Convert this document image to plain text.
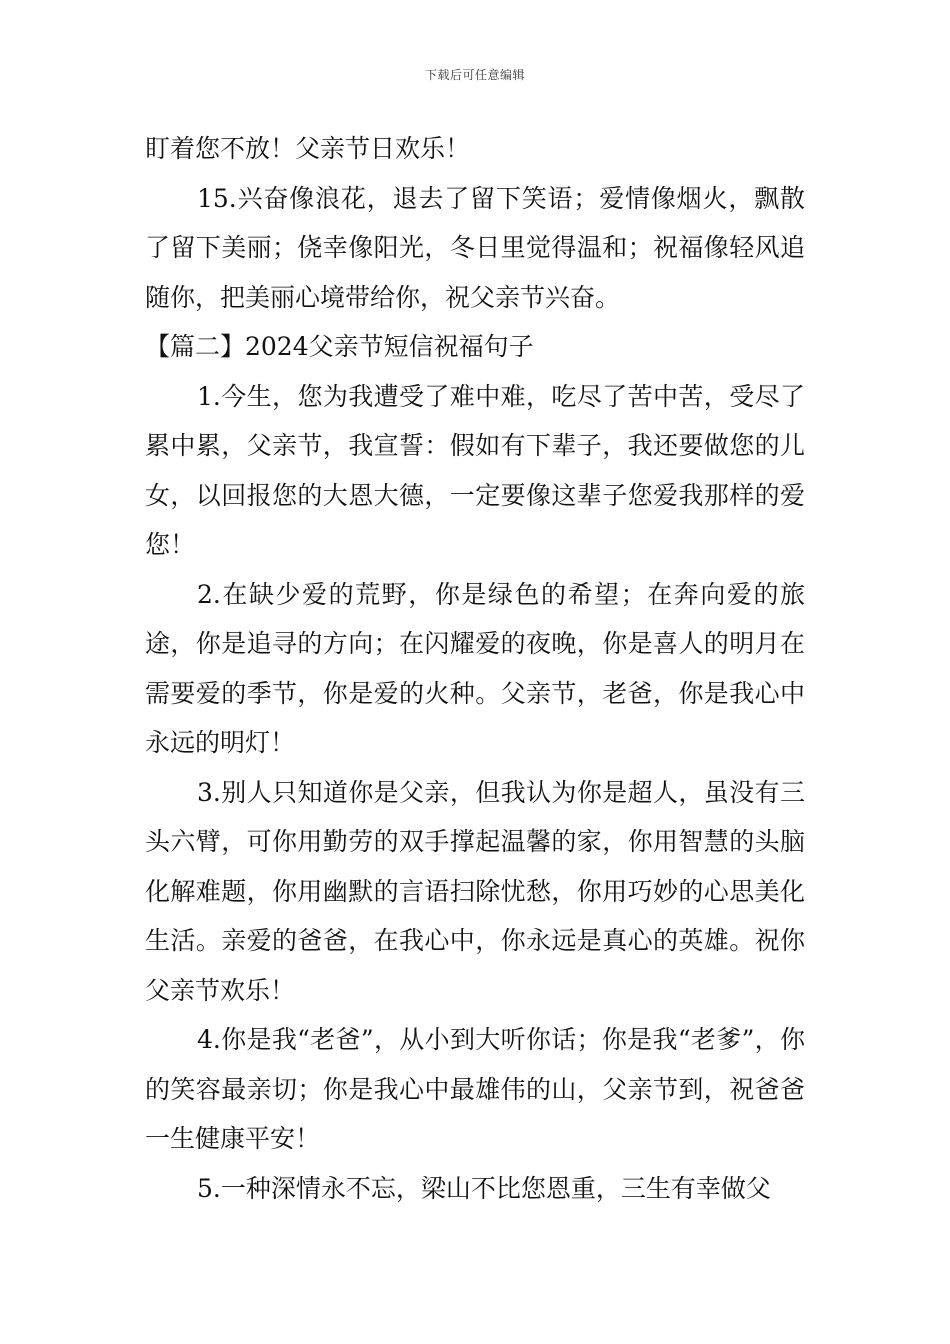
下载后可任意编辑

盯着您不放！父亲节日欢乐！

15.兴奋像浪花，退去了留下笑语；爱情像烟火，飘散了留下美丽；侥幸像阳光，冬日里觉得温和；祝福像轻风追随你，把美丽心境带给你，祝父亲节兴奋。

【篇二】2024父亲节短信祝福句子

1.今生，您为我遭受了难中难，吃尽了苦中苦，受尽了累中累，父亲节，我宣誓：假如有下辈子，我还要做您的儿女，以回报您的大恩大德，一定要像这辈子您爱我那样的爱您！

2.在缺少爱的荒野，你是绿色的希望；在奔向爱的旅途，你是追寻的方向；在闪耀爱的夜晚，你是喜人的明月在需要爱的季节，你是爱的火种。父亲节，老爸，你是我心中永远的明灯！

3.别人只知道你是父亲，但我认为你是超人，虽没有三头六臂，可你用勤劳的双手撑起温馨的家，你用智慧的头脑化解难题，你用幽默的言语扫除忧愁，你用巧妙的心思美化生活。亲爱的爸爸，在我心中，你永远是真心的英雄。祝你父亲节欢乐！

4.你是我“老爸”，从小到大听你话；你是我“老爹”，你的笑容最亲切；你是我心中最雄伟的山，父亲节到，祝爸爸一生健康平安！

5.一种深情永不忘，梁山不比您恩重，三生有幸做父
